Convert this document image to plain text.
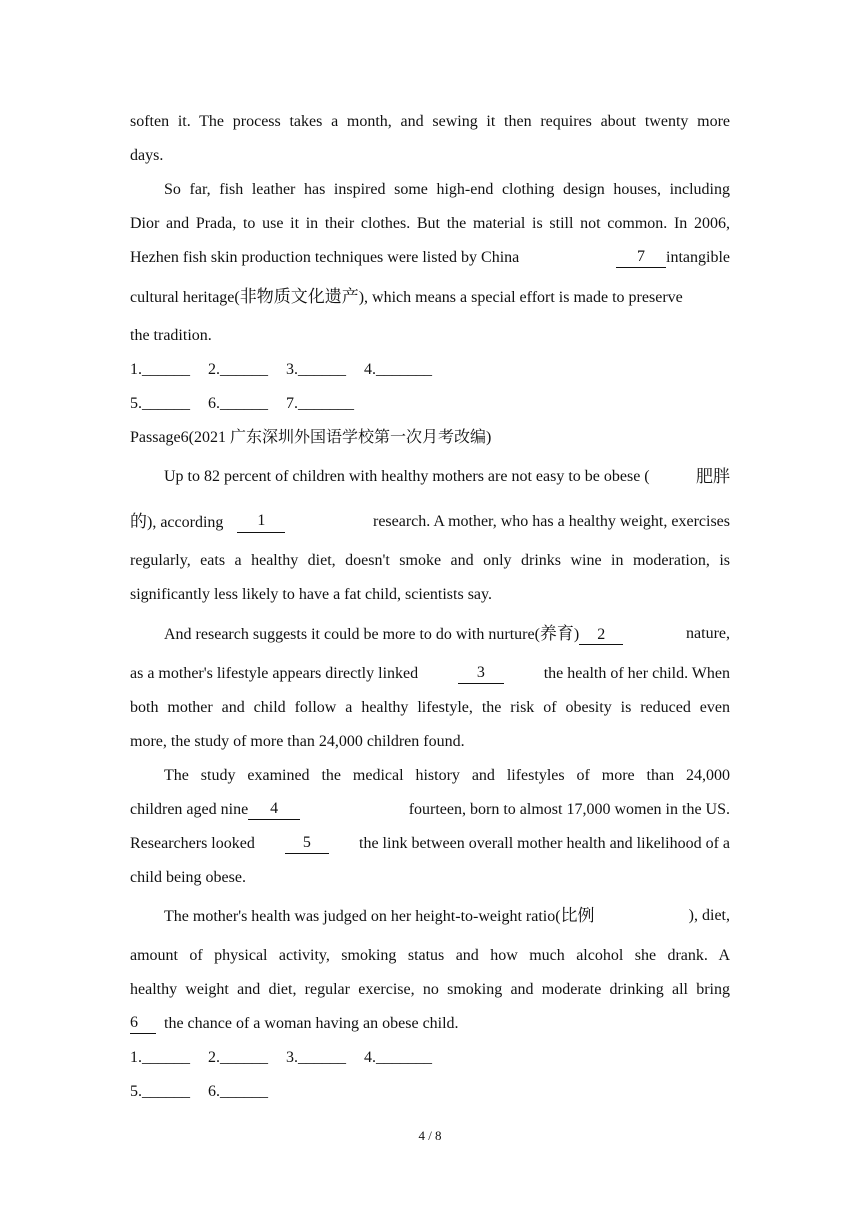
soften it. The process takes a month, and sewing it then requires about twenty more
days.
So far, fish leather has inspired some high-end clothing design houses, including
Dior and Prada, to use it in their clothes. But the material is still not common. In 2006,
Hezhen fish skin production techniques were listed by China	7	intangible
cultural heritage(非物质文化遗产), which means a special effort is made to preserve
the tradition.
1.______ 2.______ 3.______ 4._______
5.______ 6.______ 7._______
Passage6(2021 广东深圳外国语学校第一次月考改编)
Up to 82 percent of children with healthy mothers are not easy to be obese (	肥胖
的), according	1	research. A mother, who has a healthy weight, exercises
regularly, eats a healthy diet, doesn't smoke and only drinks wine in moderation, is
significantly less likely to have a fat child, scientists say.
And research suggests it could be more to do with nurture(养育) 2	nature,
as a mother's lifestyle appears directly linked	3	the health of her child. When
both mother and child follow a healthy lifestyle, the risk of obesity is reduced even
more, the study of more than 24,000 children found.
The study examined the medical history and lifestyles of more than 24,000
children aged nine	4	fourteen, born to almost 17,000 women in the US.
Researchers looked	5	the link between overall mother health and likelihood of a
child being obese.
The mother's health was judged on her height-to-weight ratio(比例	), diet,
amount of physical activity, smoking status and how much alcohol she drank. A
healthy weight and diet, regular exercise, no smoking and moderate drinking all bring
6	the chance of a woman having an obese child.
1.______ 2.______ 3.______ 4._______
5.______ 6.______
4 / 8
